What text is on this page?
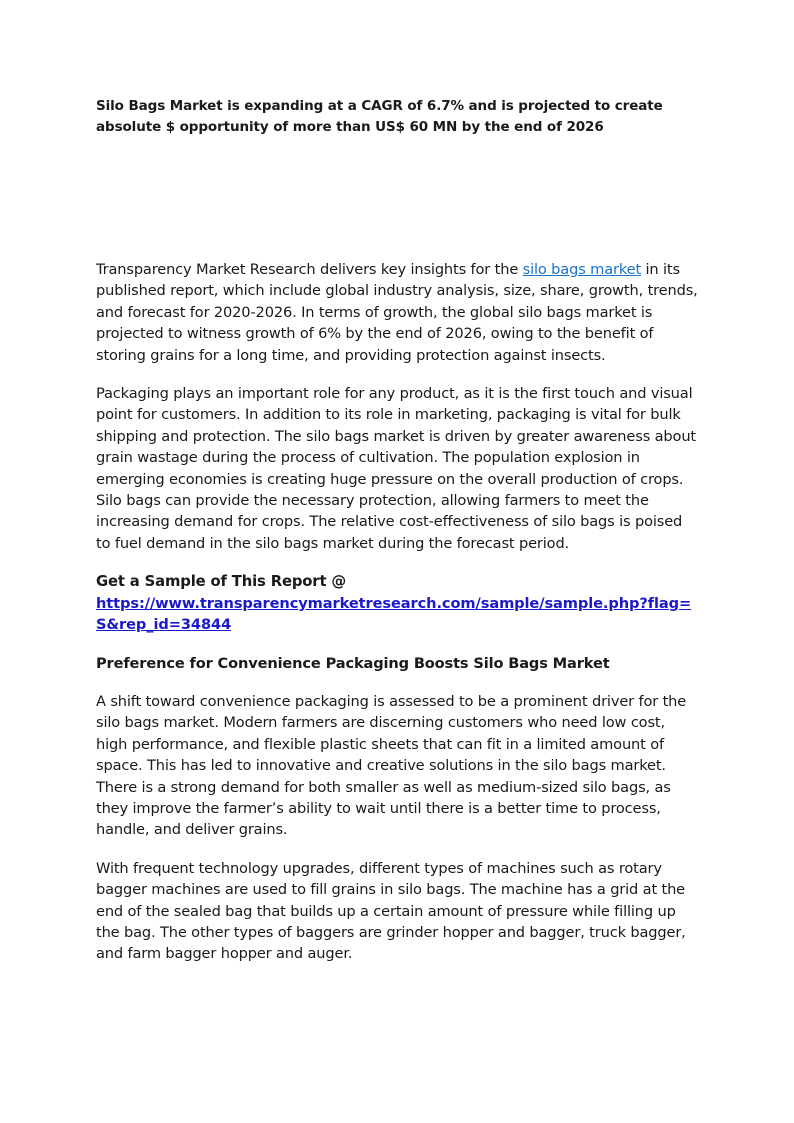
Silo Bags Market is expanding at a CAGR of 6.7% and is projected to create absolute $ opportunity of more than US$ 60 MN by the end of 2026

Transparency Market Research delivers key insights for the silo bags market in its published report, which include global industry analysis, size, share, growth, trends, and forecast for 2020-2026. In terms of growth, the global silo bags market is projected to witness growth of 6% by the end of 2026, owing to the benefit of storing grains for a long time, and providing protection against insects.

Packaging plays an important role for any product, as it is the first touch and visual point for customers. In addition to its role in marketing, packaging is vital for bulk shipping and protection. The silo bags market is driven by greater awareness about grain wastage during the process of cultivation. The population explosion in emerging economies is creating huge pressure on the overall production of crops. Silo bags can provide the necessary protection, allowing farmers to meet the increasing demand for crops. The relative cost-effectiveness of silo bags is poised to fuel demand in the silo bags market during the forecast period.

Get a Sample of This Report @

https://www.transparencymarketresearch.com/sample/sample.php?flag=S&rep_id=34844

Preference for Convenience Packaging Boosts Silo Bags Market

A shift toward convenience packaging is assessed to be a prominent driver for the silo bags market. Modern farmers are discerning customers who need low cost, high performance, and flexible plastic sheets that can fit in a limited amount of space. This has led to innovative and creative solutions in the silo bags market. There is a strong demand for both smaller as well as medium-sized silo bags, as they improve the farmer’s ability to wait until there is a better time to process, handle, and deliver grains.

With frequent technology upgrades, different types of machines such as rotary bagger machines are used to fill grains in silo bags. The machine has a grid at the end of the sealed bag that builds up a certain amount of pressure while filling up the bag. The other types of baggers are grinder hopper and bagger, truck bagger, and farm bagger hopper and auger.
